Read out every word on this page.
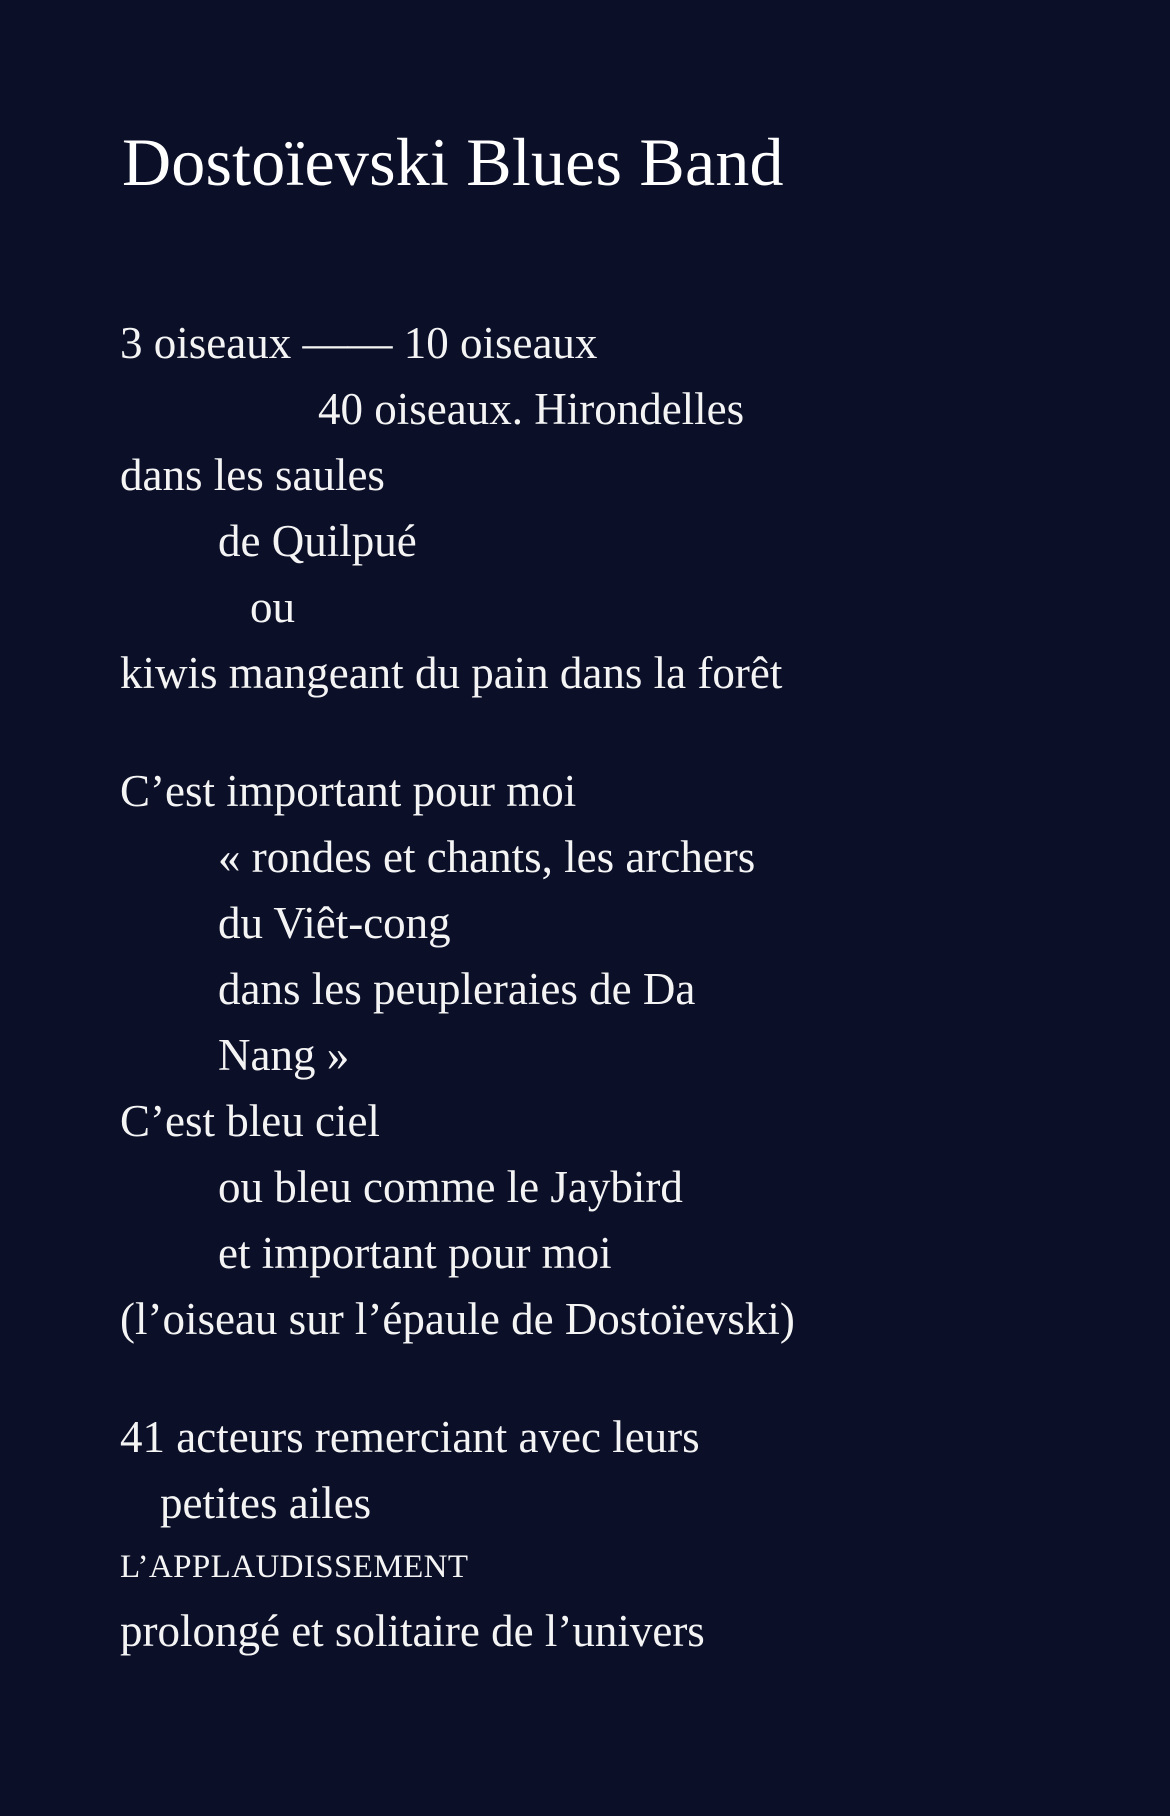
Dostoïevski Blues Band
3 oiseaux —— 10 oiseaux
40 oiseaux. Hirondelles
dans les saules
de Quilpué
ou
kiwis mangeant du pain dans la forêt
C’est important pour moi
« rondes et chants, les archers
du Viêt-cong
dans les peupleraies de Da
Nang »
C’est bleu ciel
ou bleu comme le Jaybird
et important pour moi
(l’oiseau sur l’épaule de Dostoïevski)
41 acteurs remerciant avec leurs
petites ailes
L’APPLAUDISSEMENT
prolongé et solitaire de l’univers
